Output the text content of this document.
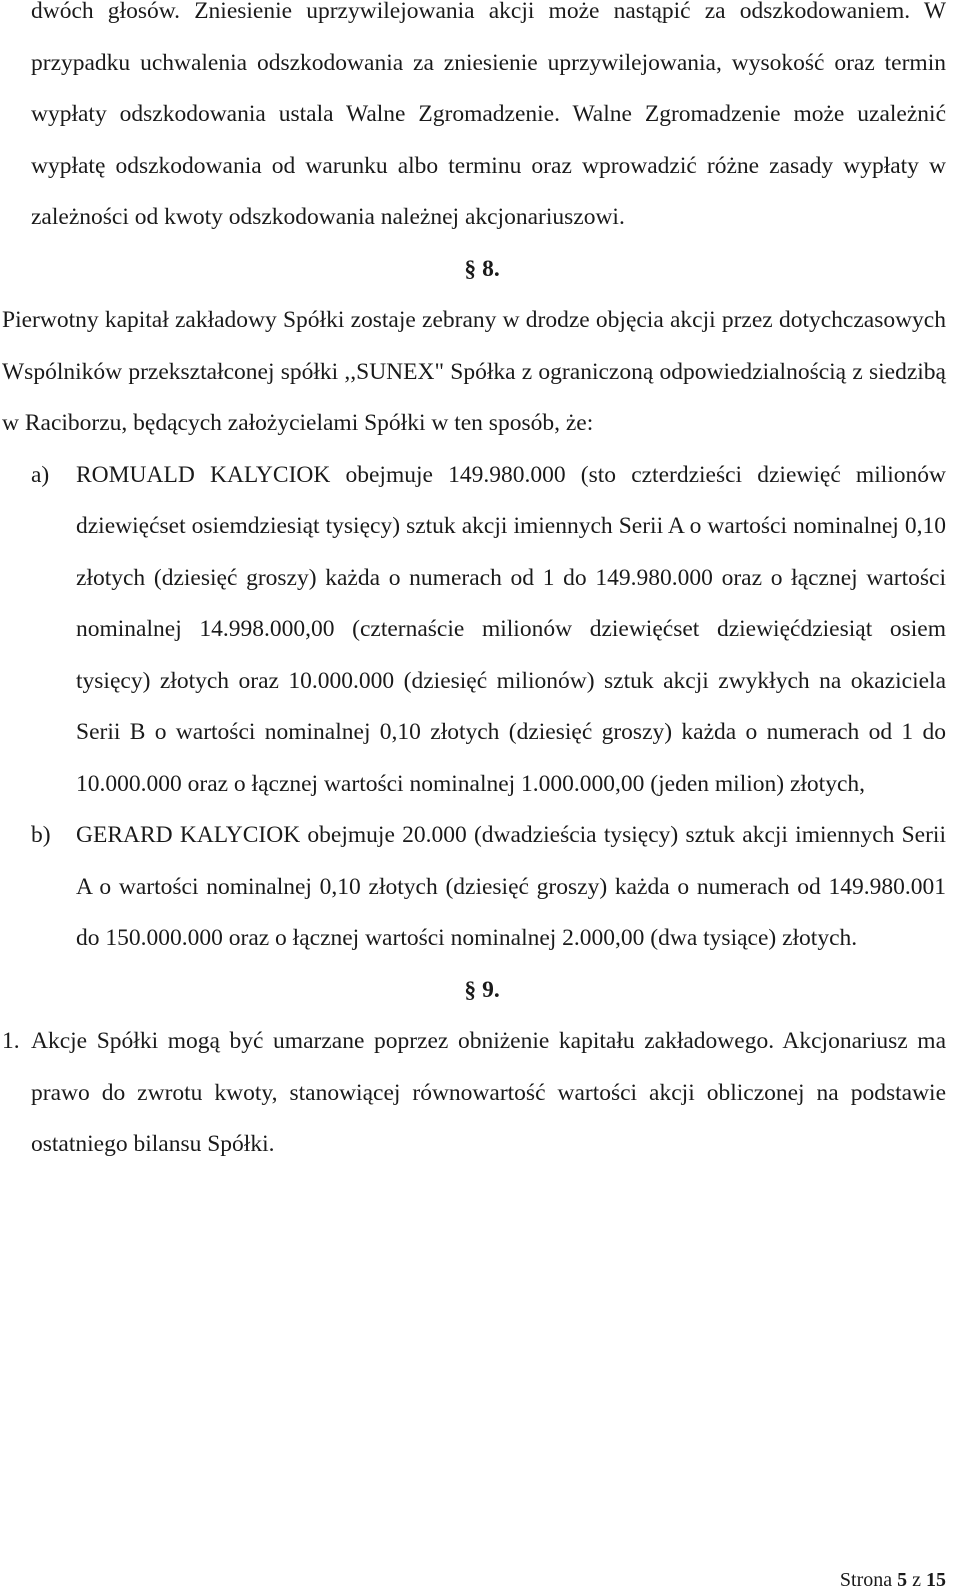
dwóch głosów. Zniesienie uprzywilejowania akcji może nastąpić za odszkodowaniem. W przypadku uchwalenia odszkodowania za zniesienie uprzywilejowania, wysokość oraz termin wypłaty odszkodowania ustala Walne Zgromadzenie. Walne Zgromadzenie może uzależnić wypłatę odszkodowania od warunku albo terminu oraz wprowadzić różne zasady wypłaty w zależności od kwoty odszkodowania należnej akcjonariuszowi.

§ 8.

Pierwotny kapitał zakładowy Spółki zostaje zebrany w drodze objęcia akcji przez dotychczasowych Wspólników przekształconej spółki ,,SUNEX" Spółka z ograniczoną odpowiedzialnością z siedzibą w Raciborzu, będących założycielami Spółki w ten sposób, że:

a) ROMUALD KALYCIOK obejmuje 149.980.000 (sto czterdzieści dziewięć milionów dziewięćset osiemdziesiąt tysięcy) sztuk akcji imiennych Serii A o wartości nominalnej 0,10 złotych (dziesięć groszy) każda o numerach od 1 do 149.980.000 oraz o łącznej wartości nominalnej 14.998.000,00 (czternaście milionów dziewięćset dziewięćdziesiąt osiem tysięcy) złotych oraz 10.000.000 (dziesięć milionów) sztuk akcji zwykłych na okaziciela Serii B o wartości nominalnej 0,10 złotych (dziesięć groszy) każda o numerach od 1 do 10.000.000 oraz o łącznej wartości nominalnej 1.000.000,00 (jeden milion) złotych,
b) GERARD KALYCIOK obejmuje 20.000 (dwadzieścia tysięcy) sztuk akcji imiennych Serii A o wartości nominalnej 0,10 złotych (dziesięć groszy) każda o numerach od 149.980.001 do 150.000.000 oraz o łącznej wartości nominalnej 2.000,00 (dwa tysiące) złotych.

§ 9.

1. Akcje Spółki mogą być umarzane poprzez obniżenie kapitału zakładowego. Akcjonariusz ma prawo do zwrotu kwoty, stanowiącej równowartość wartości akcji obliczonej na podstawie ostatniego bilansu Spółki.
Strona 5 z 15
